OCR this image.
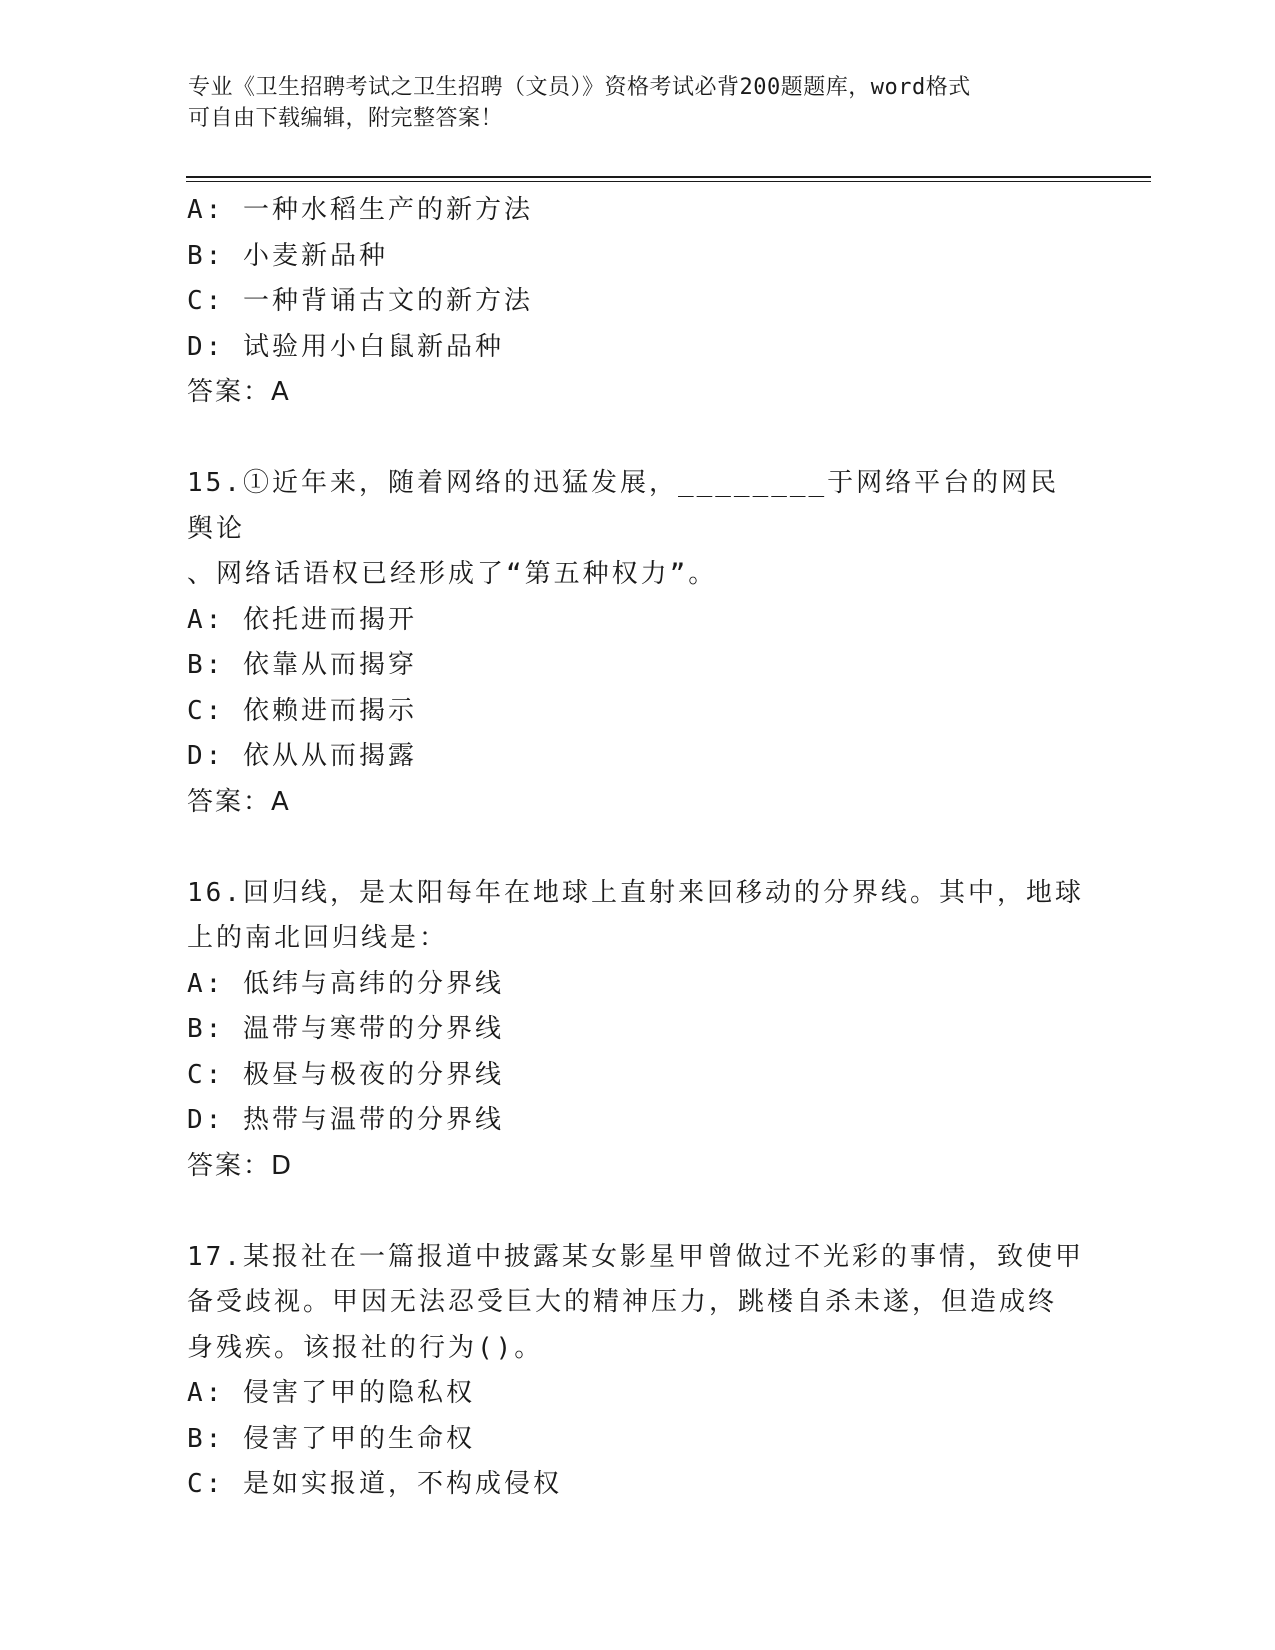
专业《卫生招聘考试之卫生招聘（文员）》资格考试必背200题题库，word格式
可自由下载编辑，附完整答案！
A: 一种水稻生产的新方法
B: 小麦新品种
C: 一种背诵古文的新方法
D: 试验用小白鼠新品种
答案：A
15.①近年来，随着网络的迅猛发展，________于网络平台的网民舆论
、网络话语权已经形成了“第五种权力”。
A: 依托进而揭开
B: 依靠从而揭穿
C: 依赖进而揭示
D: 依从从而揭露
答案：A
16.回归线，是太阳每年在地球上直射来回移动的分界线。其中，地球
上的南北回归线是：
A: 低纬与高纬的分界线
B: 温带与寒带的分界线
C: 极昼与极夜的分界线
D: 热带与温带的分界线
答案：D
17.某报社在一篇报道中披露某女影星甲曾做过不光彩的事情，致使甲
备受歧视。甲因无法忍受巨大的精神压力，跳楼自杀未遂，但造成终
身残疾。该报社的行为()。
A: 侵害了甲的隐私权
B: 侵害了甲的生命权
C: 是如实报道，不构成侵权
